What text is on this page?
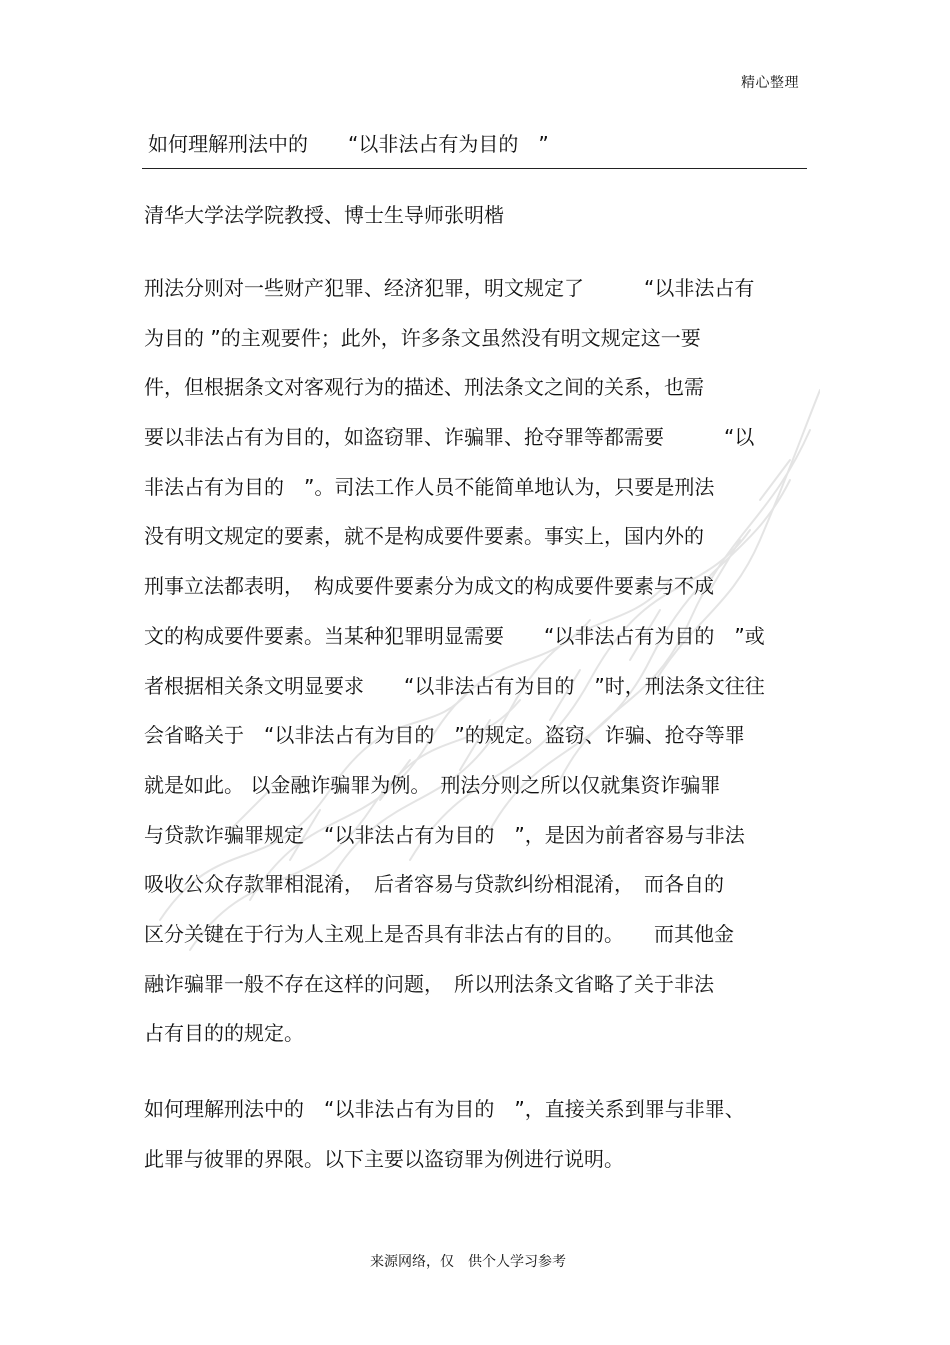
精心整理
如何理解刑法中的　　“以非法占有为目的　”
清华大学法学院教授、博士生导师张明楷
刑法分则对一些财产犯罪、经济犯罪，明文规定了　　　“以非法占有
为目的 ”的主观要件；此外，许多条文虽然没有明文规定这一要
件，但根据条文对客观行为的描述、刑法条文之间的关系，也需
要以非法占有为目的，如盗窃罪、诈骗罪、抢夺罪等都需要　　　“以
非法占有为目的　”。司法工作人员不能简单地认为，只要是刑法
没有明文规定的要素，就不是构成要件要素。事实上，国内外的
刑事立法都表明，　构成要件要素分为成文的构成要件要素与不成
文的构成要件要素。当某种犯罪明显需要　　“以非法占有为目的　”或
者根据相关条文明显要求　　“以非法占有为目的　”时，刑法条文往往
会省略关于　“以非法占有为目的　”的规定。盗窃、诈骗、抢夺等罪
就是如此。 以金融诈骗罪为例。　刑法分则之所以仅就集资诈骗罪
与贷款诈骗罪规定　“以非法占有为目的　”，是因为前者容易与非法
吸收公众存款罪相混淆，　后者容易与贷款纠纷相混淆，　而各自的
区分关键在于行为人主观上是否具有非法占有的目的。　　而其他金
融诈骗罪一般不存在这样的问题，　所以刑法条文省略了关于非法
占有目的的规定。
如何理解刑法中的　“以非法占有为目的　”，直接关系到罪与非罪、
此罪与彼罪的界限。以下主要以盗窃罪为例进行说明。
来源网络，仅　供个人学习参考
